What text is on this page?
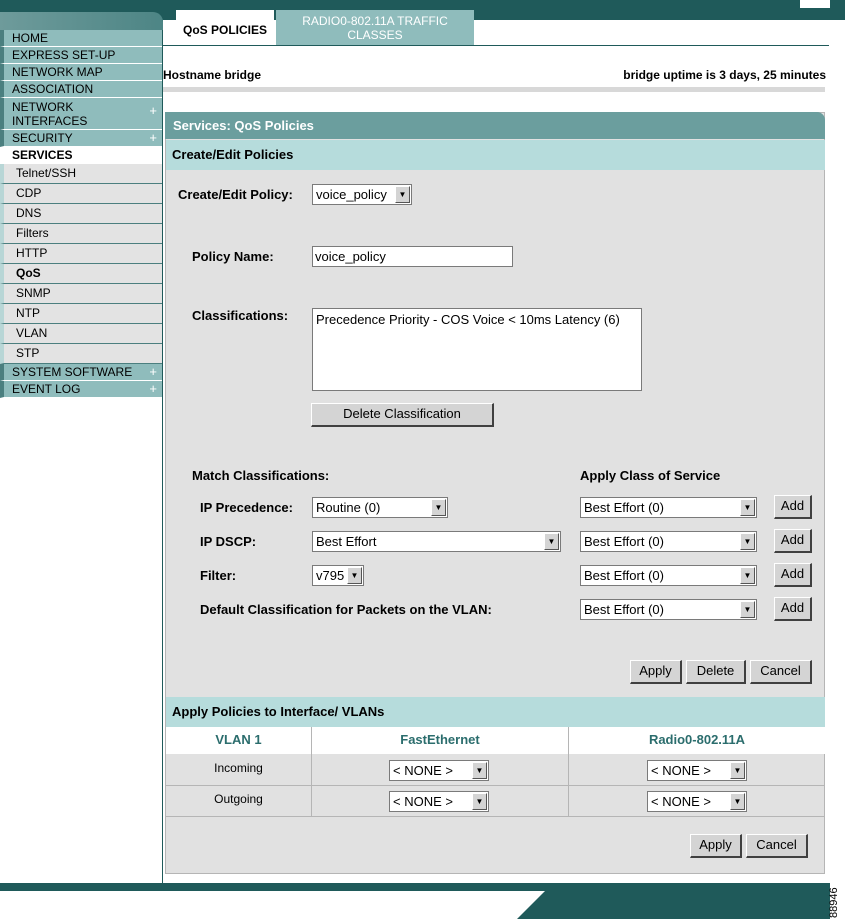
QoS POLICIES
RADIO0-802.11A TRAFFIC
CLASSES
HOME
EXPRESS SET-UP
NETWORK MAP
ASSOCIATION
NETWORK
INTERFACES
+
SECURITY	+
SERVICES
Telnet/SSH
CDP
DNS
Filters
HTTP
QoS
SNMP
NTP
VLAN
STP
SYSTEM SOFTWARE +
EVENT LOG	+
Hostname bridge	bridge uptime is 3 days, 25 minutes
Services: QoS Policies
Create/Edit Policies
Create/Edit Policy:	voice_policy	▼
Policy Name:	voice_policy
Classifications: Precedence Priority - COS Voice < 10ms Latency (6)
Delete Classification
Match Classifications:	Apply Class of Service
IP Precedence:	Routine (0)	▼	Best Effort (0)	▼	Add
IP DSCP:	Best Effort	▼	Best Effort (0)	▼	Add
Filter:	v795 ▼	Best Effort (0)	▼	Add
Default Classification for Packets on the VLAN:	Best Effort (0)	▼	Add
Apply	Delete	Cancel
Apply Policies to Interface/ VLANs
VLAN 1	FastEthernet	Radio0-802.11A
Incoming	< NONE >	▼	< NONE >	▼
Outgoing	< NONE >	▼	< NONE >	▼
Apply	Cancel
88946
